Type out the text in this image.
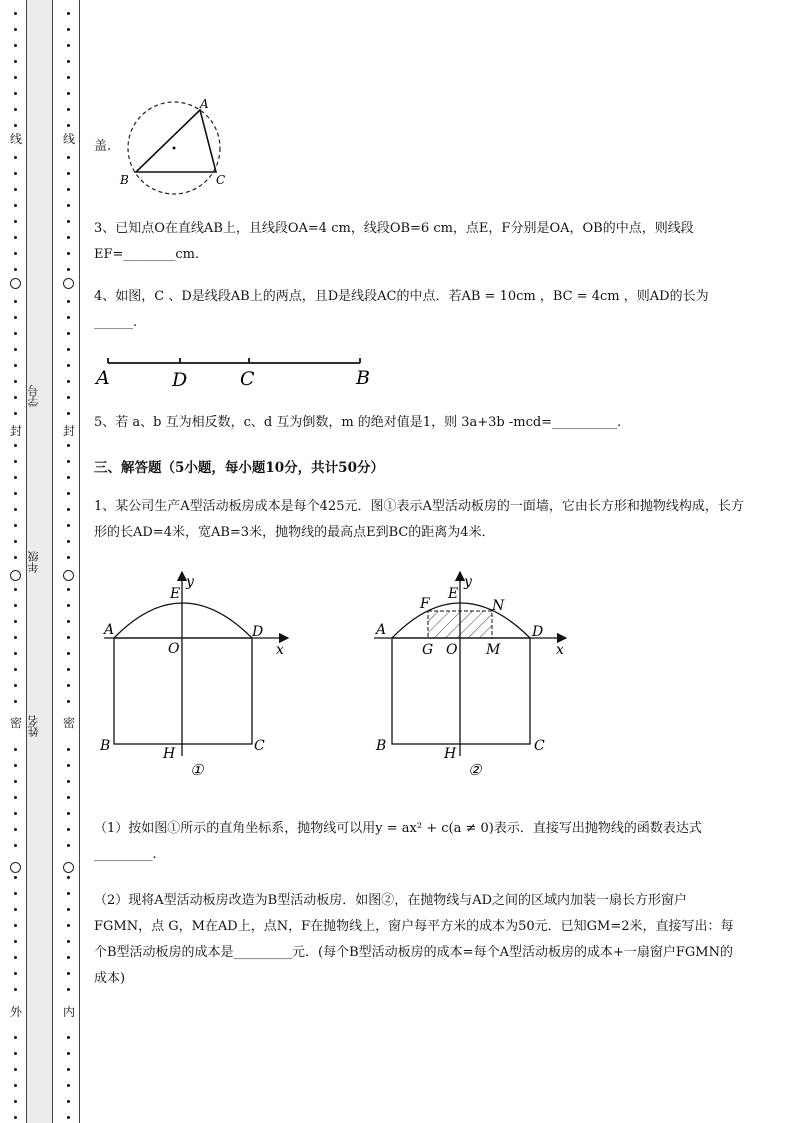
线
封
密
外
线
封
密
内
学号
年级
姓名
盖.
A
B	C
3、已知点O在直线AB上，且线段OA=4 cm，线段OB=6 cm，点E，F分别是OA，OB的中点，则线段EF=________cm.
4、如图，C 、D是线段AB上的两点，且D是线段AC的中点．若AB = 10cm ，BC = 4cm ，则AD的长为______.
A	D	C	B
5、若 a、b 互为相反数，c、d 互为倒数，m 的绝对值是1，则 3a+3b -mcd=__________.
三、解答题（5小题，每小题10分，共计50分）
1、某公司生产A型活动板房成本是每个425元．图①表示A型活动板房的一面墙，它由长方形和抛物线构成，长方形的长AD=4米，宽AB=3米，抛物线的最高点E到BC的距离为4米．
A	D
E
O	x
y
B	C
H
①
A	D
E
F	N
G O M	x
y
B	C
H
②
（1）按如图①所示的直角坐标系，抛物线可以用y = ax² + c(a ≠ 0)表示．直接写出抛物线的函数表达式_________.
（2）现将A型活动板房改造为B型活动板房．如图②，在抛物线与AD之间的区域内加装一扇长方形窗户FGMN，点 G，M在AD上，点N，F在抛物线上，窗户每平方米的成本为50元．已知GM=2米，直接写出：每个B型活动板房的成本是_________元．(每个B型活动板房的成本=每个A型活动板房的成本+一扇窗户FGMN的成本)
